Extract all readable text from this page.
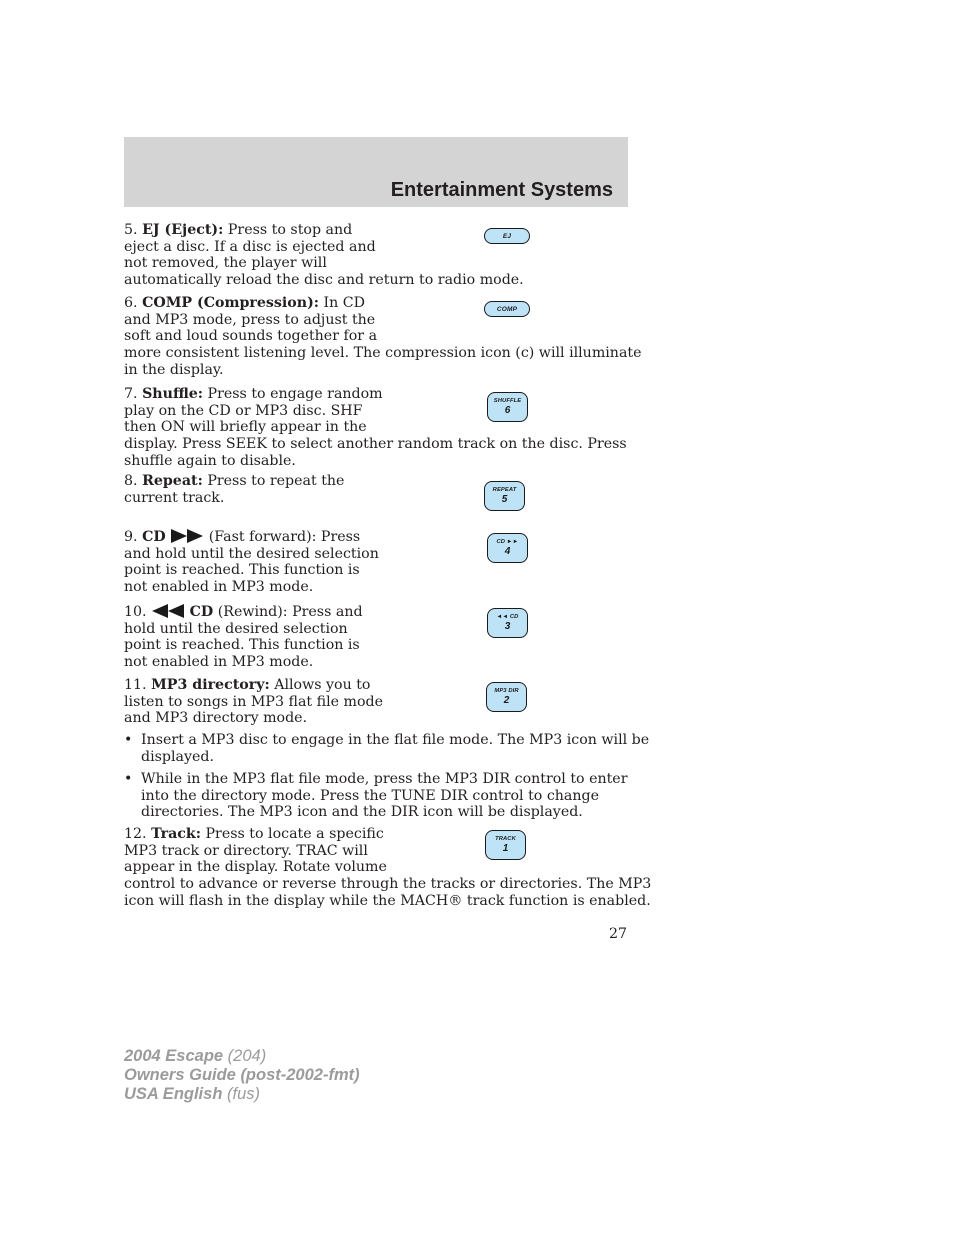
Entertainment Systems
5. EJ (Eject): Press to stop and
eject a disc. If a disc is ejected and
not removed, the player will
automatically reload the disc and return to radio mode.
EJ
6. COMP (Compression): In CD
and MP3 mode, press to adjust the
soft and loud sounds together for a
more consistent listening level. The compression icon (c) will illuminate
in the display.
COMP
7. Shuffle: Press to engage random
play on the CD or MP3 disc. SHF
then ON will briefly appear in the
display. Press SEEK to select another random track on the disc. Press
shuffle again to disable.
SHUFFLE
6
8. Repeat: Press to repeat the
current track.	REPEAT
5
9. CD	(Fast forward): Press
and hold until the desired selection
point is reached. This function is
not enabled in MP3 mode.
CD ►►
4
10.	CD (Rewind): Press and
hold until the desired selection
point is reached. This function is
not enabled in MP3 mode.
◄◄ CD
3
11. MP3 directory: Allows you to
listen to songs in MP3 flat file mode
and MP3 directory mode.
MP3 DIR
2
• Insert a MP3 disc to engage in the flat file mode. The MP3 icon will be
displayed.
• While in the MP3 flat file mode, press the MP3 DIR control to enter
into the directory mode. Press the TUNE DIR control to change
directories. The MP3 icon and the DIR icon will be displayed.
12. Track: Press to locate a specific
MP3 track or directory. TRAC will
appear in the display. Rotate volume
control to advance or reverse through the tracks or directories. The MP3
icon will flash in the display while the MACH® track function is enabled.
TRACK
1
27
2004 Escape (204)
Owners Guide (post-2002-fmt)
USA English (fus)
